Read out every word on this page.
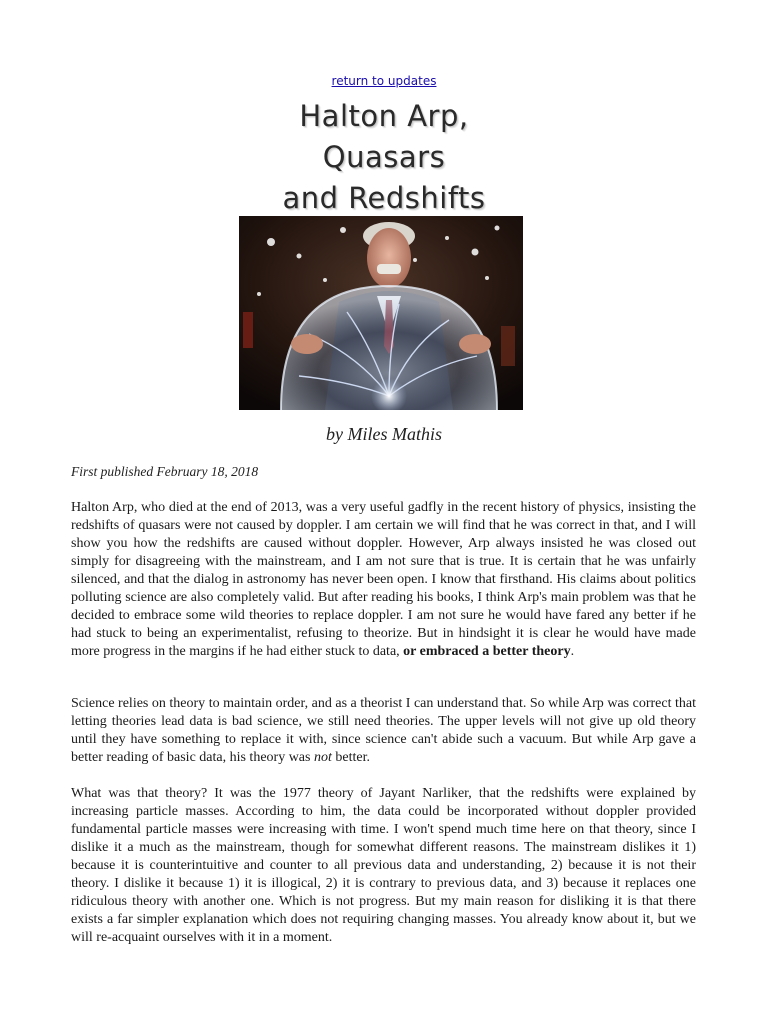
return to updates
Halton Arp,
Quasars
and Redshifts
by Miles Mathis
First published February 18, 2018

Halton Arp, who died at the end of 2013, was a very useful gadfly in the recent history of physics, insisting the redshifts of quasars were not caused by doppler. I am certain we will find that he was correct in that, and I will show you how the redshifts are caused without doppler. However, Arp always insisted he was closed out simply for disagreeing with the mainstream, and I am not sure that is true. It is certain that he was unfairly silenced, and that the dialog in astronomy has never been open. I know that firsthand. His claims about politics polluting science are also completely valid. But after reading his books, I think Arp's main problem was that he decided to embrace some wild theories to replace doppler. I am not sure he would have fared any better if he had stuck to being an experimentalist, refusing to theorize. But in hindsight it is clear he would have made more progress in the margins if he had either stuck to data, or embraced a better theory.

Science relies on theory to maintain order, and as a theorist I can understand that. So while Arp was correct that letting theories lead data is bad science, we still need theories. The upper levels will not give up old theory until they have something to replace it with, since science can't abide such a vacuum. But while Arp gave a better reading of basic data, his theory was not better.

What was that theory? It was the 1977 theory of Jayant Narliker, that the redshifts were explained by increasing particle masses. According to him, the data could be incorporated without doppler provided fundamental particle masses were increasing with time. I won't spend much time here on that theory, since I dislike it a much as the mainstream, though for somewhat different reasons. The mainstream dislikes it 1) because it is counterintuitive and counter to all previous data and understanding, 2) because it is not their theory. I dislike it because 1) it is illogical, 2) it is contrary to previous data, and 3) because it replaces one ridiculous theory with another one. Which is not progress. But my main reason for disliking it is that there exists a far simpler explanation which does not requiring changing masses. You already know about it, but we will re-acquaint ourselves with it in a moment.
